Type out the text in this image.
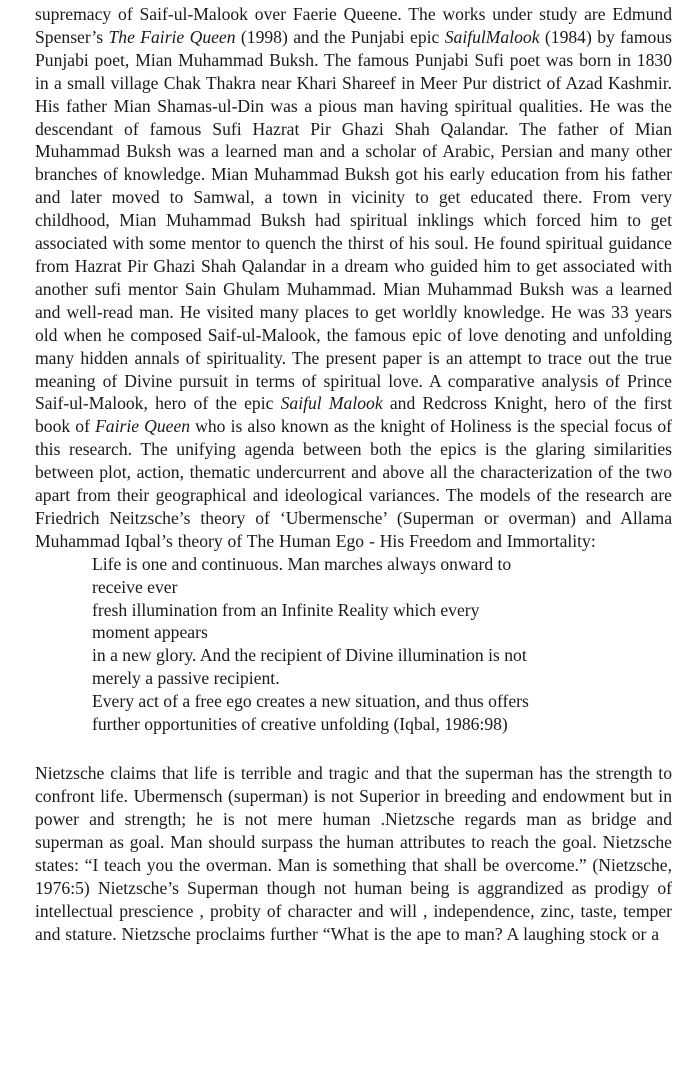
supremacy of Saif-ul-Malook over Faerie Queene. The works under study are Edmund Spenser’s The Fairie Queen (1998) and the Punjabi epic SaifulMalook (1984) by famous Punjabi poet, Mian Muhammad Buksh. The famous Punjabi Sufi poet was born in 1830 in a small village Chak Thakra near Khari Shareef in Meer Pur district of Azad Kashmir. His father Mian Shamas-ul-Din was a pious man having spiritual qualities. He was the descendant of famous Sufi Hazrat Pir Ghazi Shah Qalandar. The father of Mian Muhammad Buksh was a learned man and a scholar of Arabic, Persian and many other branches of knowledge. Mian Muhammad Buksh got his early education from his father and later moved to Samwal, a town in vicinity to get educated there. From very childhood, Mian Muhammad Buksh had spiritual inklings which forced him to get associated with some mentor to quench the thirst of his soul. He found spiritual guidance from Hazrat Pir Ghazi Shah Qalandar in a dream who guided him to get associated with another sufi mentor Sain Ghulam Muhammad. Mian Muhammad Buksh was a learned and well-read man. He visited many places to get worldly knowledge. He was 33 years old when he composed Saif-ul-Malook, the famous epic of love denoting and unfolding many hidden annals of spirituality. The present paper is an attempt to trace out the true meaning of Divine pursuit in terms of spiritual love. A comparative analysis of Prince Saif-ul-Malook, hero of the epic Saiful Malook and Redcross Knight, hero of the first book of Fairie Queen who is also known as the knight of Holiness is the special focus of this research. The unifying agenda between both the epics is the glaring similarities between plot, action, thematic undercurrent and above all the characterization of the two apart from their geographical and ideological variances. The models of the research are Friedrich Neitzsche’s theory of ‘Ubermensche’ (Superman or overman) and Allama Muhammad Iqbal’s theory of The Human Ego - His Freedom and Immortality:

Life is one and continuous. Man marches always onward to
receive ever
fresh illumination from an Infinite Reality which every
moment appears
in a new glory. And the recipient of Divine illumination is not
merely a passive recipient.
Every act of a free ego creates a new situation, and thus offers
further opportunities of creative unfolding (Iqbal, 1986:98)

Nietzsche claims that life is terrible and tragic and that the superman has the strength to confront life. Ubermensch (superman) is not Superior in breeding and endowment but in power and strength; he is not mere human .Nietzsche regards man as bridge and superman as goal. Man should surpass the human attributes to reach the goal. Nietzsche states: “I teach you the overman. Man is something that shall be overcome.” (Nietzsche, 1976:5) Nietzsche’s Superman though not human being is aggrandized as prodigy of intellectual prescience , probity of character and will , independence, zinc, taste, temper and stature. Nietzsche proclaims further “What is the ape to man? A laughing stock or a
